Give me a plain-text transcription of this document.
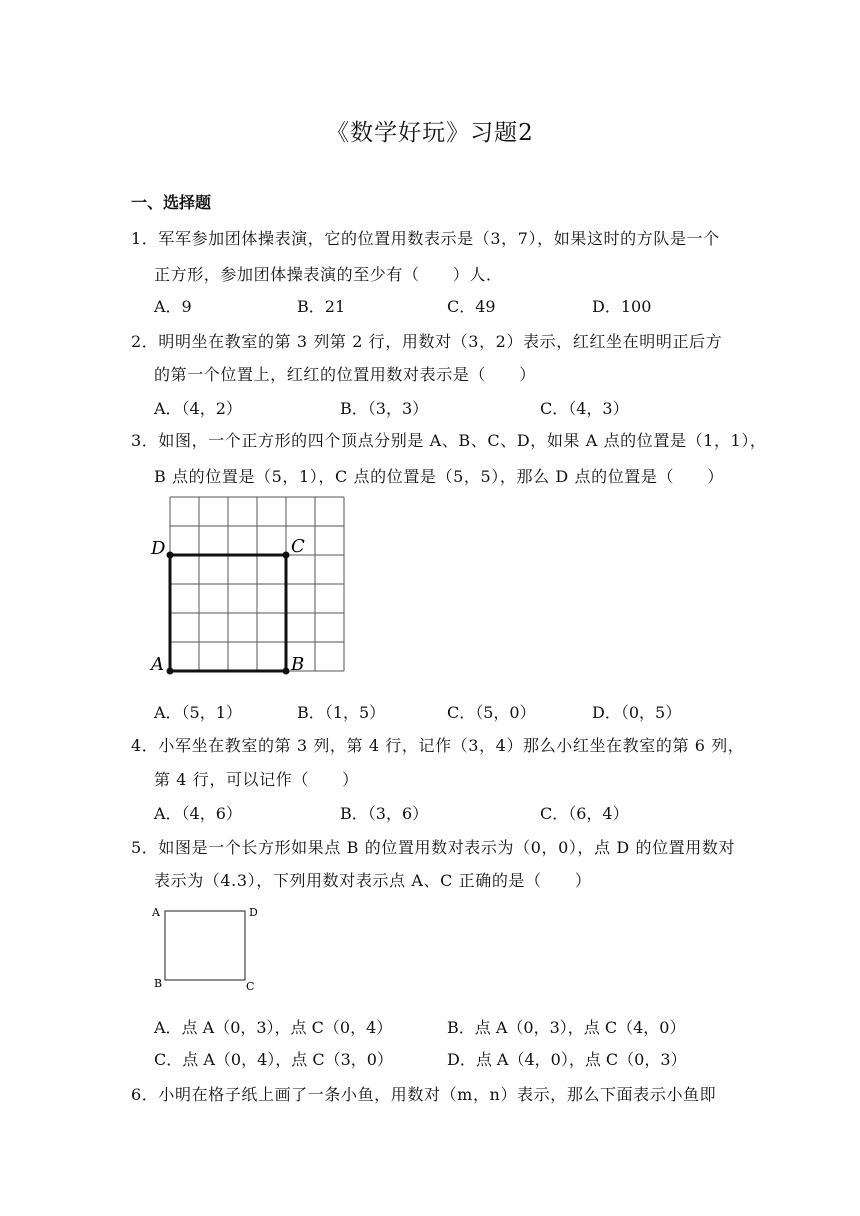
《数学好玩》习题2
一、选择题
1．军军参加团体操表演，它的位置用数表示是（3，7），如果这时的方队是一个
正方形，参加团体操表演的至少有（　　）人．
A．9	B．21	C．49	D．100
2．明明坐在教室的第 3 列第 2 行，用数对（3，2）表示，红红坐在明明正后方
的第一个位置上，红红的位置用数对表示是（　　）
A．（4，2）	B．（3，3）	C．（4，3）
3．如图，一个正方形的四个顶点分别是 A、B、C、D，如果 A 点的位置是（1，1），
B 点的位置是（5，1），C 点的位置是（5，5），那么 D 点的位置是（　　）
D	C
A	B
A．（5，1）	B．（1，5）	C．（5，0）	D．（0，5）
4．小军坐在教室的第 3 列，第 4 行，记作（3，4）那么小红坐在教室的第 6 列，
第 4 行，可以记作（　　）
A．（4，6）	B．（3，6）	C．（6，4）
5．如图是一个长方形如果点 B 的位置用数对表示为（0，0），点 D 的位置用数对
表示为（4.3），下列用数对表示点 A、C 正确的是（　　）
A	D
B	C
A．点 A（0，3），点 C（0，4）	B．点 A（0，3），点 C（4，0）
C．点 A（0，4），点 C（3，0）	D．点 A（4，0），点 C（0，3）
6．小明在格子纸上画了一条小鱼，用数对（m，n）表示，那么下面表示小鱼即
